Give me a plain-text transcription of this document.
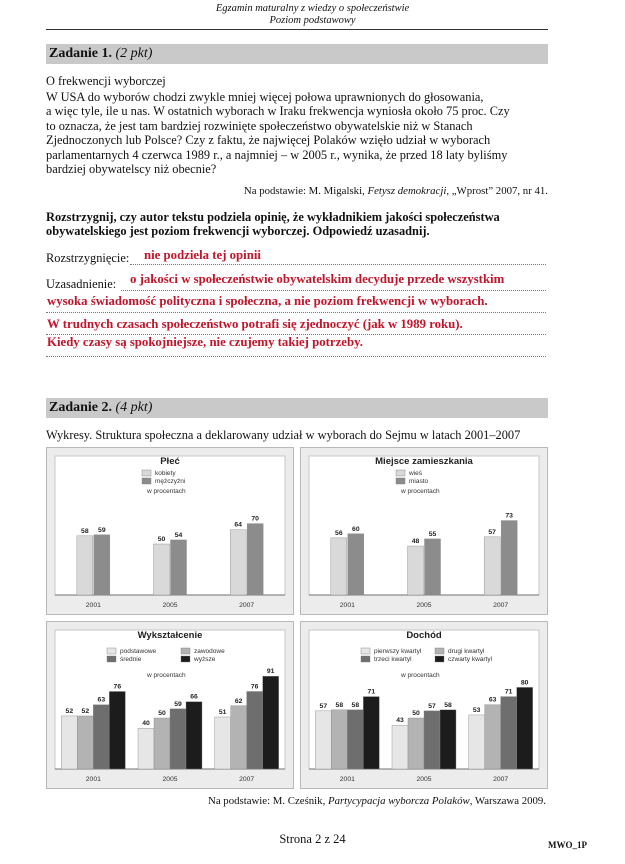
Egzamin maturalny z wiedzy o społeczeństwie
Poziom podstawowy
Zadanie 1. (2 pkt)
O frekwencji wyborczej
W USA do wyborów chodzi zwykle mniej więcej połowa uprawnionych do głosowania,
a więc tyle, ile u nas. W ostatnich wyborach w Iraku frekwencja wyniosła około 75 proc. Czy
to oznacza, że jest tam bardziej rozwinięte społeczeństwo obywatelskie niż w Stanach
Zjednoczonych lub Polsce? Czy z faktu, że najwięcej Polaków wzięło udział w wyborach
parlamentarnych 4 czerwca 1989 r., a najmniej – w 2005 r., wynika, że przed 18 laty byliśmy
bardziej obywatelscy niż obecnie?
Na podstawie: M. Migalski, Fetysz demokracji, „Wprost” 2007, nr 41.
Rozstrzygnij, czy autor tekstu podziela opinię, że wykładnikiem jakości społeczeństwa
obywatelskiego jest poziom frekwencji wyborczej. Odpowiedź uzasadnij.
Rozstrzygnięcie: nie podziela tej opinii
Uzasadnienie: o jakości w społeczeństwie obywatelskim decyduje przede wszystkim
wysoka świadomość polityczna i społeczna, a nie poziom frekwencji w wyborach.
W trudnych czasach społeczeństwo potrafi się zjednoczyć (jak w 1989 roku).
Kiedy czasy są spokojniejsze, nie czujemy takiej potrzeby.
Zadanie 2. (4 pkt)
Wykresy. Struktura społeczna a deklarowany udział w wyborach do Sejmu w latach 2001–2007
Płeć
kobiety
mężczyźni
w procentach
58 59
2001
50
54
2005
64
70
2007
Miejsce zamieszkania
wieś
miasto
w procentach
56
60
2001
48
55
2005
57
73
2007
Wykształcenie
podstawowe	zawodowe
średnie	wyższe
w procentach
52 52
63
76
2001
40
50
59
66
2005
51
62
76
91
2007
Dochód
pierwszy kwartyl	drugi kwartyl
trzeci kwartyl	czwarty kwartyl
w procentach
57 58 58
71
2001
43
50
57 58
2005
53
63
71
80
2007
Na podstawie: M. Cześnik, Partycypacja wyborcza Polaków, Warszawa 2009.
Strona 2 z 24	MWO_1P
